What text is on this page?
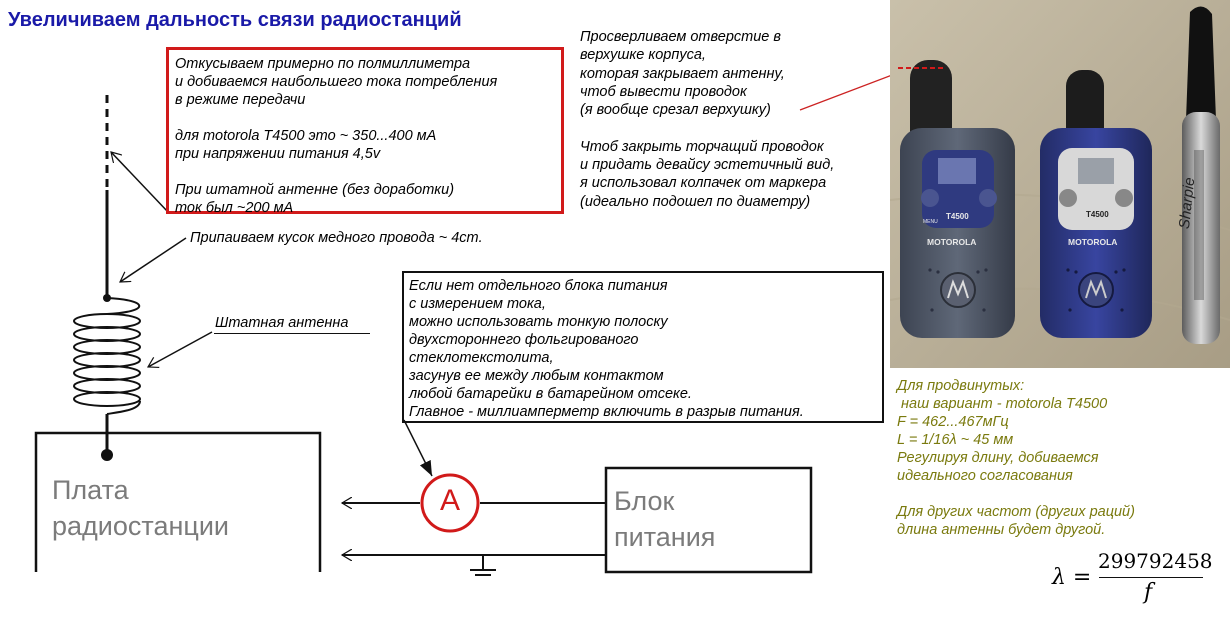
Увеличиваем дальность связи радиостанций
Откусываем примерно по полмиллиметра
и добиваемся наибольшего тока потребления
в режиме передачи

для motorola T4500 это ~ 350...400 мА
при напряжении питания 4,5v

При штатной антенне (без доработки)
ток был ~200 мА
Припаиваем кусок медного провода ~ 4cm.
Штатная антенна
Если нет отдельного блока питания
с измерением тока,
можно использовать тонкую полоску
двухстороннего фольгированого
стеклотекстолита,
засунув ее между любым контактом
любой батарейки в батарейном отсеке.
Главное - миллиамперметр включить в разрыв питания.
Плата
радиостанции
Блок
питания
A
Просверливаем отверстие в
верхушке корпуса,
которая закрывает антенну,
чтоб вывести проводок
(я вообще срезал верхушку)

Чтоб закрыть торчащий проводок
и придать девайсу эстетичный вид,
я использовал колпачек от маркера
(идеально подошел по диаметру)
T4500
MOTOROLA
MENU
T4500
MOTOROLA
Sharpie
Для продвинутых:
наш вариант - motorola T4500
F = 462...467мГц
L = 1/16λ ~ 45 мм
Регулируя длину, добиваемся
идеального согласования

Для других частот (других раций)
длина антенны будет другой.
λ =
299792458
f
